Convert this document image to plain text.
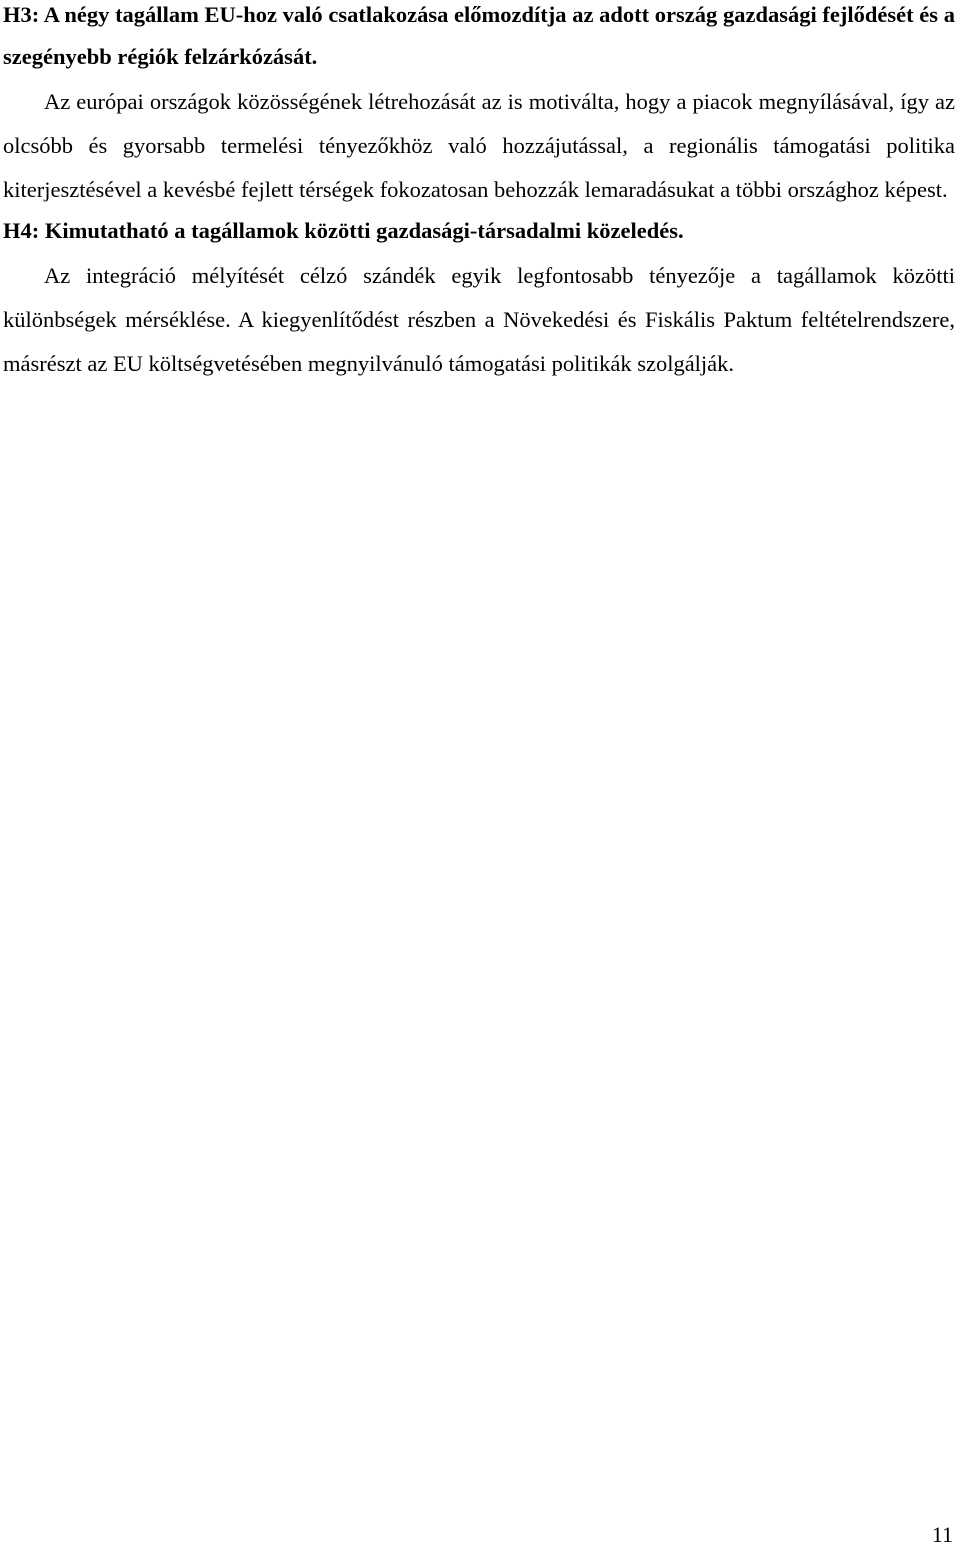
H3: A négy tagállam EU-hoz való csatlakozása előmozdítja az adott ország gazdasági fejlődését és a szegényebb régiók felzárkózását.

Az európai országok közösségének létrehozását az is motiválta, hogy a piacok megnyílásával, így az olcsóbb és gyorsabb termelési tényezőkhöz való hozzájutással, a regionális támogatási politika kiterjesztésével a kevésbé fejlett térségek fokozatosan behozzák lemaradásukat a többi országhoz képest.

H4: Kimutatható a tagállamok közötti gazdasági-társadalmi közeledés.

Az integráció mélyítését célzó szándék egyik legfontosabb tényezője a tagállamok közötti különbségek mérséklése. A kiegyenlítődést részben a Növekedési és Fiskális Paktum feltételrendszere, másrészt az EU költségvetésében megnyilvánuló támogatási politikák szolgálják.

11
